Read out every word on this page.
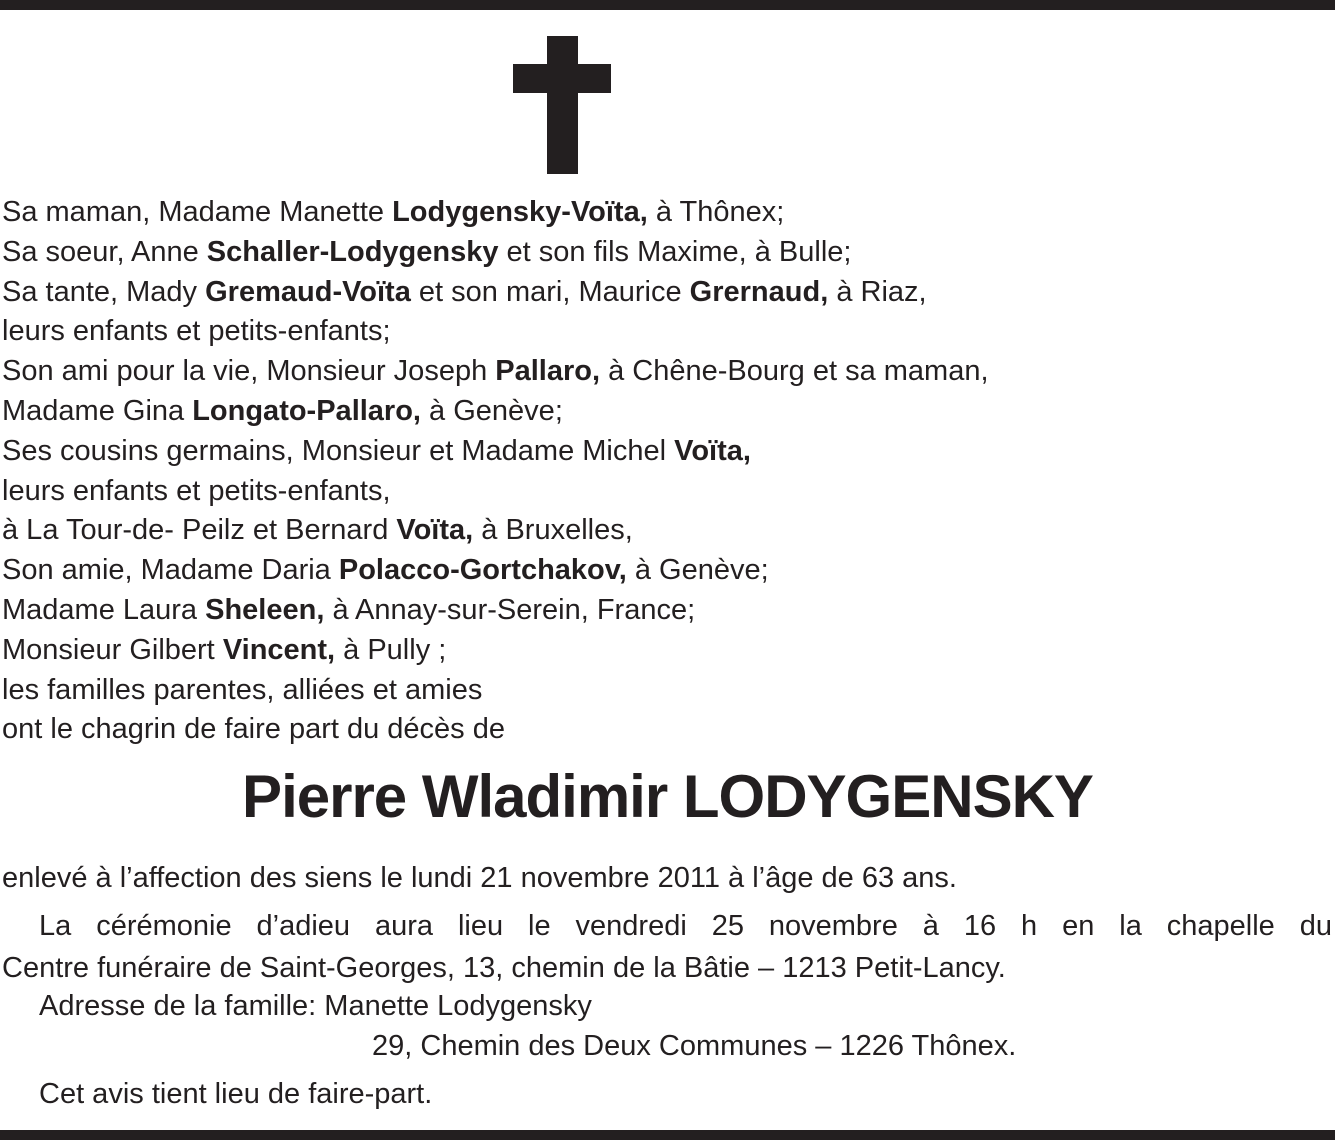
Sa maman, Madame Manette Lodygensky-Voïta, à Thônex;
Sa soeur, Anne Schaller-Lodygensky et son fils Maxime, à Bulle;
Sa tante, Mady Gremaud-Voïta et son mari, Maurice Grernaud, à Riaz,
leurs enfants et petits-enfants;
Son ami pour la vie, Monsieur Joseph Pallaro, à Chêne-Bourg et sa maman,
Madame Gina Longato-Pallaro, à Genève;
Ses cousins germains, Monsieur et Madame Michel Voïta,
leurs enfants et petits-enfants,
à La Tour-de- Peilz et Bernard Voïta, à Bruxelles,
Son amie, Madame Daria Polacco-Gortchakov, à Genève;
Madame Laura Sheleen, à Annay-sur-Serein, France;
Monsieur Gilbert Vincent, à Pully ;
les familles parentes, alliées et amies
ont le chagrin de faire part du décès de
Pierre Wladimir LODYGENSKY
enlevé à l’affection des siens le lundi 21 novembre 2011 à l’âge de 63 ans.
La cérémonie d’adieu aura lieu le vendredi 25 novembre à 16 h en la chapelle du
Centre funéraire de Saint-Georges, 13, chemin de la Bâtie – 1213 Petit-Lancy.
Adresse de la famille: Manette Lodygensky
29, Chemin des Deux Communes – 1226 Thônex.
Cet avis tient lieu de faire-part.
